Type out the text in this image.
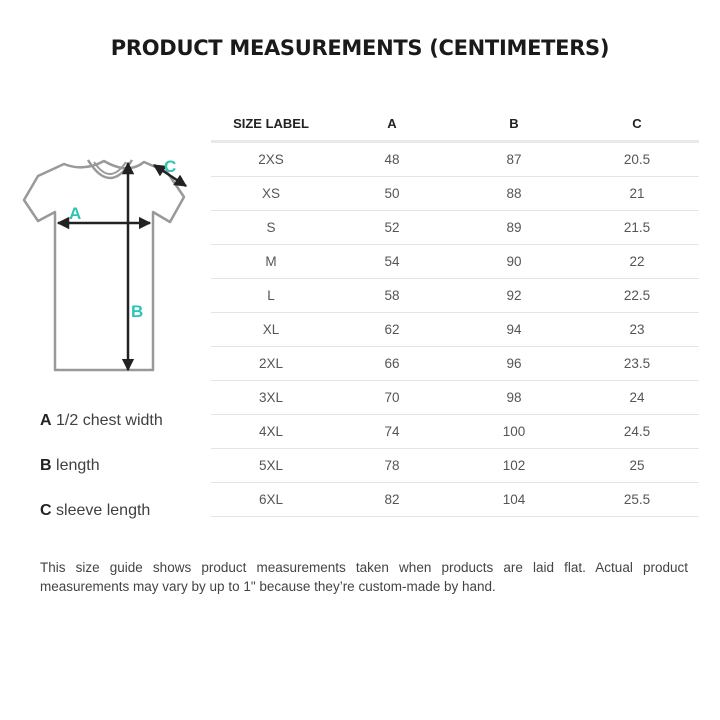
PRODUCT MEASUREMENTS (CENTIMETERS)
A
B
C
A 1/2 chest width
B length
C sleeve length
SIZE LABEL	A	B	C
2XS	48	87	20.5
XS	50	88	21
S	52	89	21.5
M	54	90	22
L	58	92	22.5
XL	62	94	23
2XL	66	96	23.5
3XL	70	98	24
4XL	74	100	24.5
5XL	78	102	25
6XL	82	104	25.5

This size guide shows product measurements taken when products are laid flat. Actual product measurements may vary by up to 1" because they’re custom-made by hand.
